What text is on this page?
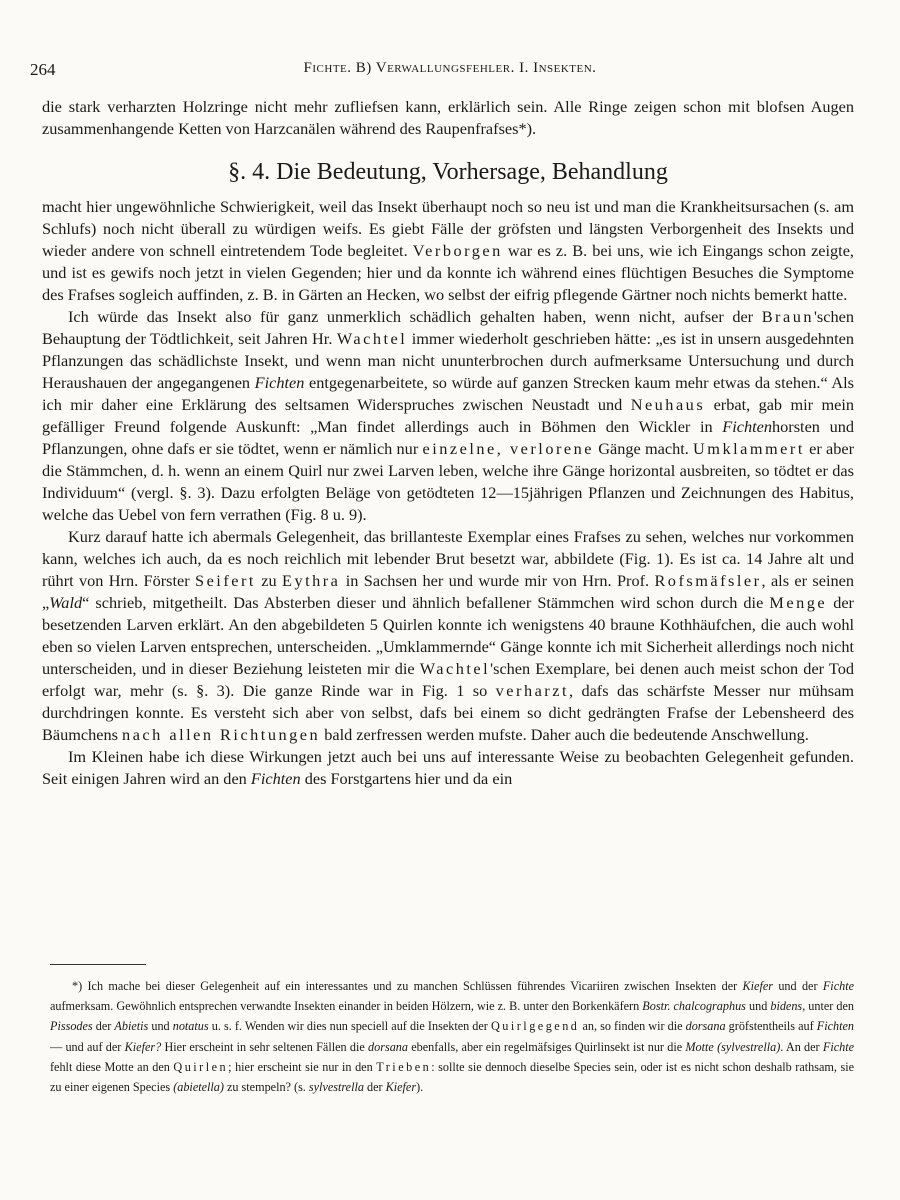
264	Fichte. B) Verwallungsfehler. I. Insekten.

die stark verharzten Holzringe nicht mehr zufliefsen kann, erklärlich sein. Alle Ringe zeigen schon mit blofsen Augen zusammenhangende Ketten von Harzcanälen während des Raupenfrafses*).

§. 4. Die Bedeutung, Vorhersage, Behandlung

macht hier ungewöhnliche Schwierigkeit, weil das Insekt überhaupt noch so neu ist und man die Krankheitsursachen (s. am Schlufs) noch nicht überall zu würdigen weifs. Es giebt Fälle der gröfsten und längsten Verborgenheit des Insekts und wieder andere von schnell eintretendem Tode begleitet. Verborgen war es z. B. bei uns, wie ich Eingangs schon zeigte, und ist es gewifs noch jetzt in vielen Gegenden; hier und da konnte ich während eines flüchtigen Besuches die Symptome des Frafses sogleich auffinden, z. B. in Gärten an Hecken, wo selbst der eifrig pflegende Gärtner noch nichts bemerkt hatte.

Ich würde das Insekt also für ganz unmerklich schädlich gehalten haben, wenn nicht, aufser der Braun'schen Behauptung der Tödtlichkeit, seit Jahren Hr. Wachtel immer wiederholt geschrieben hätte: „es ist in unsern ausgedehnten Pflanzungen das schädlichste Insekt, und wenn man nicht ununterbrochen durch aufmerksame Untersuchung und durch Heraushauen der angegangenen Fichten entgegenarbeitete, so würde auf ganzen Strecken kaum mehr etwas da stehen.“ Als ich mir daher eine Erklärung des seltsamen Widerspruches zwischen Neustadt und Neuhaus erbat, gab mir mein gefälliger Freund folgende Auskunft: „Man findet allerdings auch in Böhmen den Wickler in Fichtenhorsten und Pflanzungen, ohne dafs er sie tödtet, wenn er nämlich nur einzelne, verlorene Gänge macht. Umklammert er aber die Stämmchen, d. h. wenn an einem Quirl nur zwei Larven leben, welche ihre Gänge horizontal ausbreiten, so tödtet er das Individuum“ (vergl. §. 3). Dazu erfolgten Beläge von getödteten 12—15jährigen Pflanzen und Zeichnungen des Habitus, welche das Uebel von fern verrathen (Fig. 8 u. 9).

Kurz darauf hatte ich abermals Gelegenheit, das brillanteste Exemplar eines Frafses zu sehen, welches nur vorkommen kann, welches ich auch, da es noch reichlich mit lebender Brut besetzt war, abbildete (Fig. 1). Es ist ca. 14 Jahre alt und rührt von Hrn. Förster Seifert zu Eythra in Sachsen her und wurde mir von Hrn. Prof. Rofsmäfsler, als er seinen „Wald“ schrieb, mitgetheilt. Das Absterben dieser und ähnlich befallener Stämmchen wird schon durch die Menge der besetzenden Larven erklärt. An den abgebildeten 5 Quirlen konnte ich wenigstens 40 braune Kothhäufchen, die auch wohl eben so vielen Larven entsprechen, unterscheiden. „Umklammernde“ Gänge konnte ich mit Sicherheit allerdings noch nicht unterscheiden, und in dieser Beziehung leisteten mir die Wachtel'schen Exemplare, bei denen auch meist schon der Tod erfolgt war, mehr (s. §. 3). Die ganze Rinde war in Fig. 1 so verharzt, dafs das schärfste Messer nur mühsam durchdringen konnte. Es versteht sich aber von selbst, dafs bei einem so dicht gedrängten Frafse der Lebensheerd des Bäumchens nach allen Richtungen bald zerfressen werden mufste. Daher auch die bedeutende Anschwellung.

Im Kleinen habe ich diese Wirkungen jetzt auch bei uns auf interessante Weise zu beobachten Gelegenheit gefunden. Seit einigen Jahren wird an den Fichten des Forstgartens hier und da ein

*) Ich mache bei dieser Gelegenheit auf ein interessantes und zu manchen Schlüssen führendes Vicariiren zwischen Insekten der Kiefer und der Fichte aufmerksam. Gewöhnlich entsprechen verwandte Insekten einander in beiden Hölzern, wie z. B. unter den Borkenkäfern Bostr. chalcographus und bidens, unter den Pissodes der Abietis und notatus u. s. f. Wenden wir dies nun speciell auf die Insekten der Quirlgegend an, so finden wir die dorsana gröfstentheils auf Fichten — und auf der Kiefer? Hier erscheint in sehr seltenen Fällen die dorsana ebenfalls, aber ein regelmäfsiges Quirlinsekt ist nur die Motte (sylvestrella). An der Fichte fehlt diese Motte an den Quirlen; hier erscheint sie nur in den Trieben: sollte sie dennoch dieselbe Species sein, oder ist es nicht schon deshalb rathsam, sie zu einer eigenen Species (abietella) zu stempeln? (s. sylvestrella der Kiefer).
